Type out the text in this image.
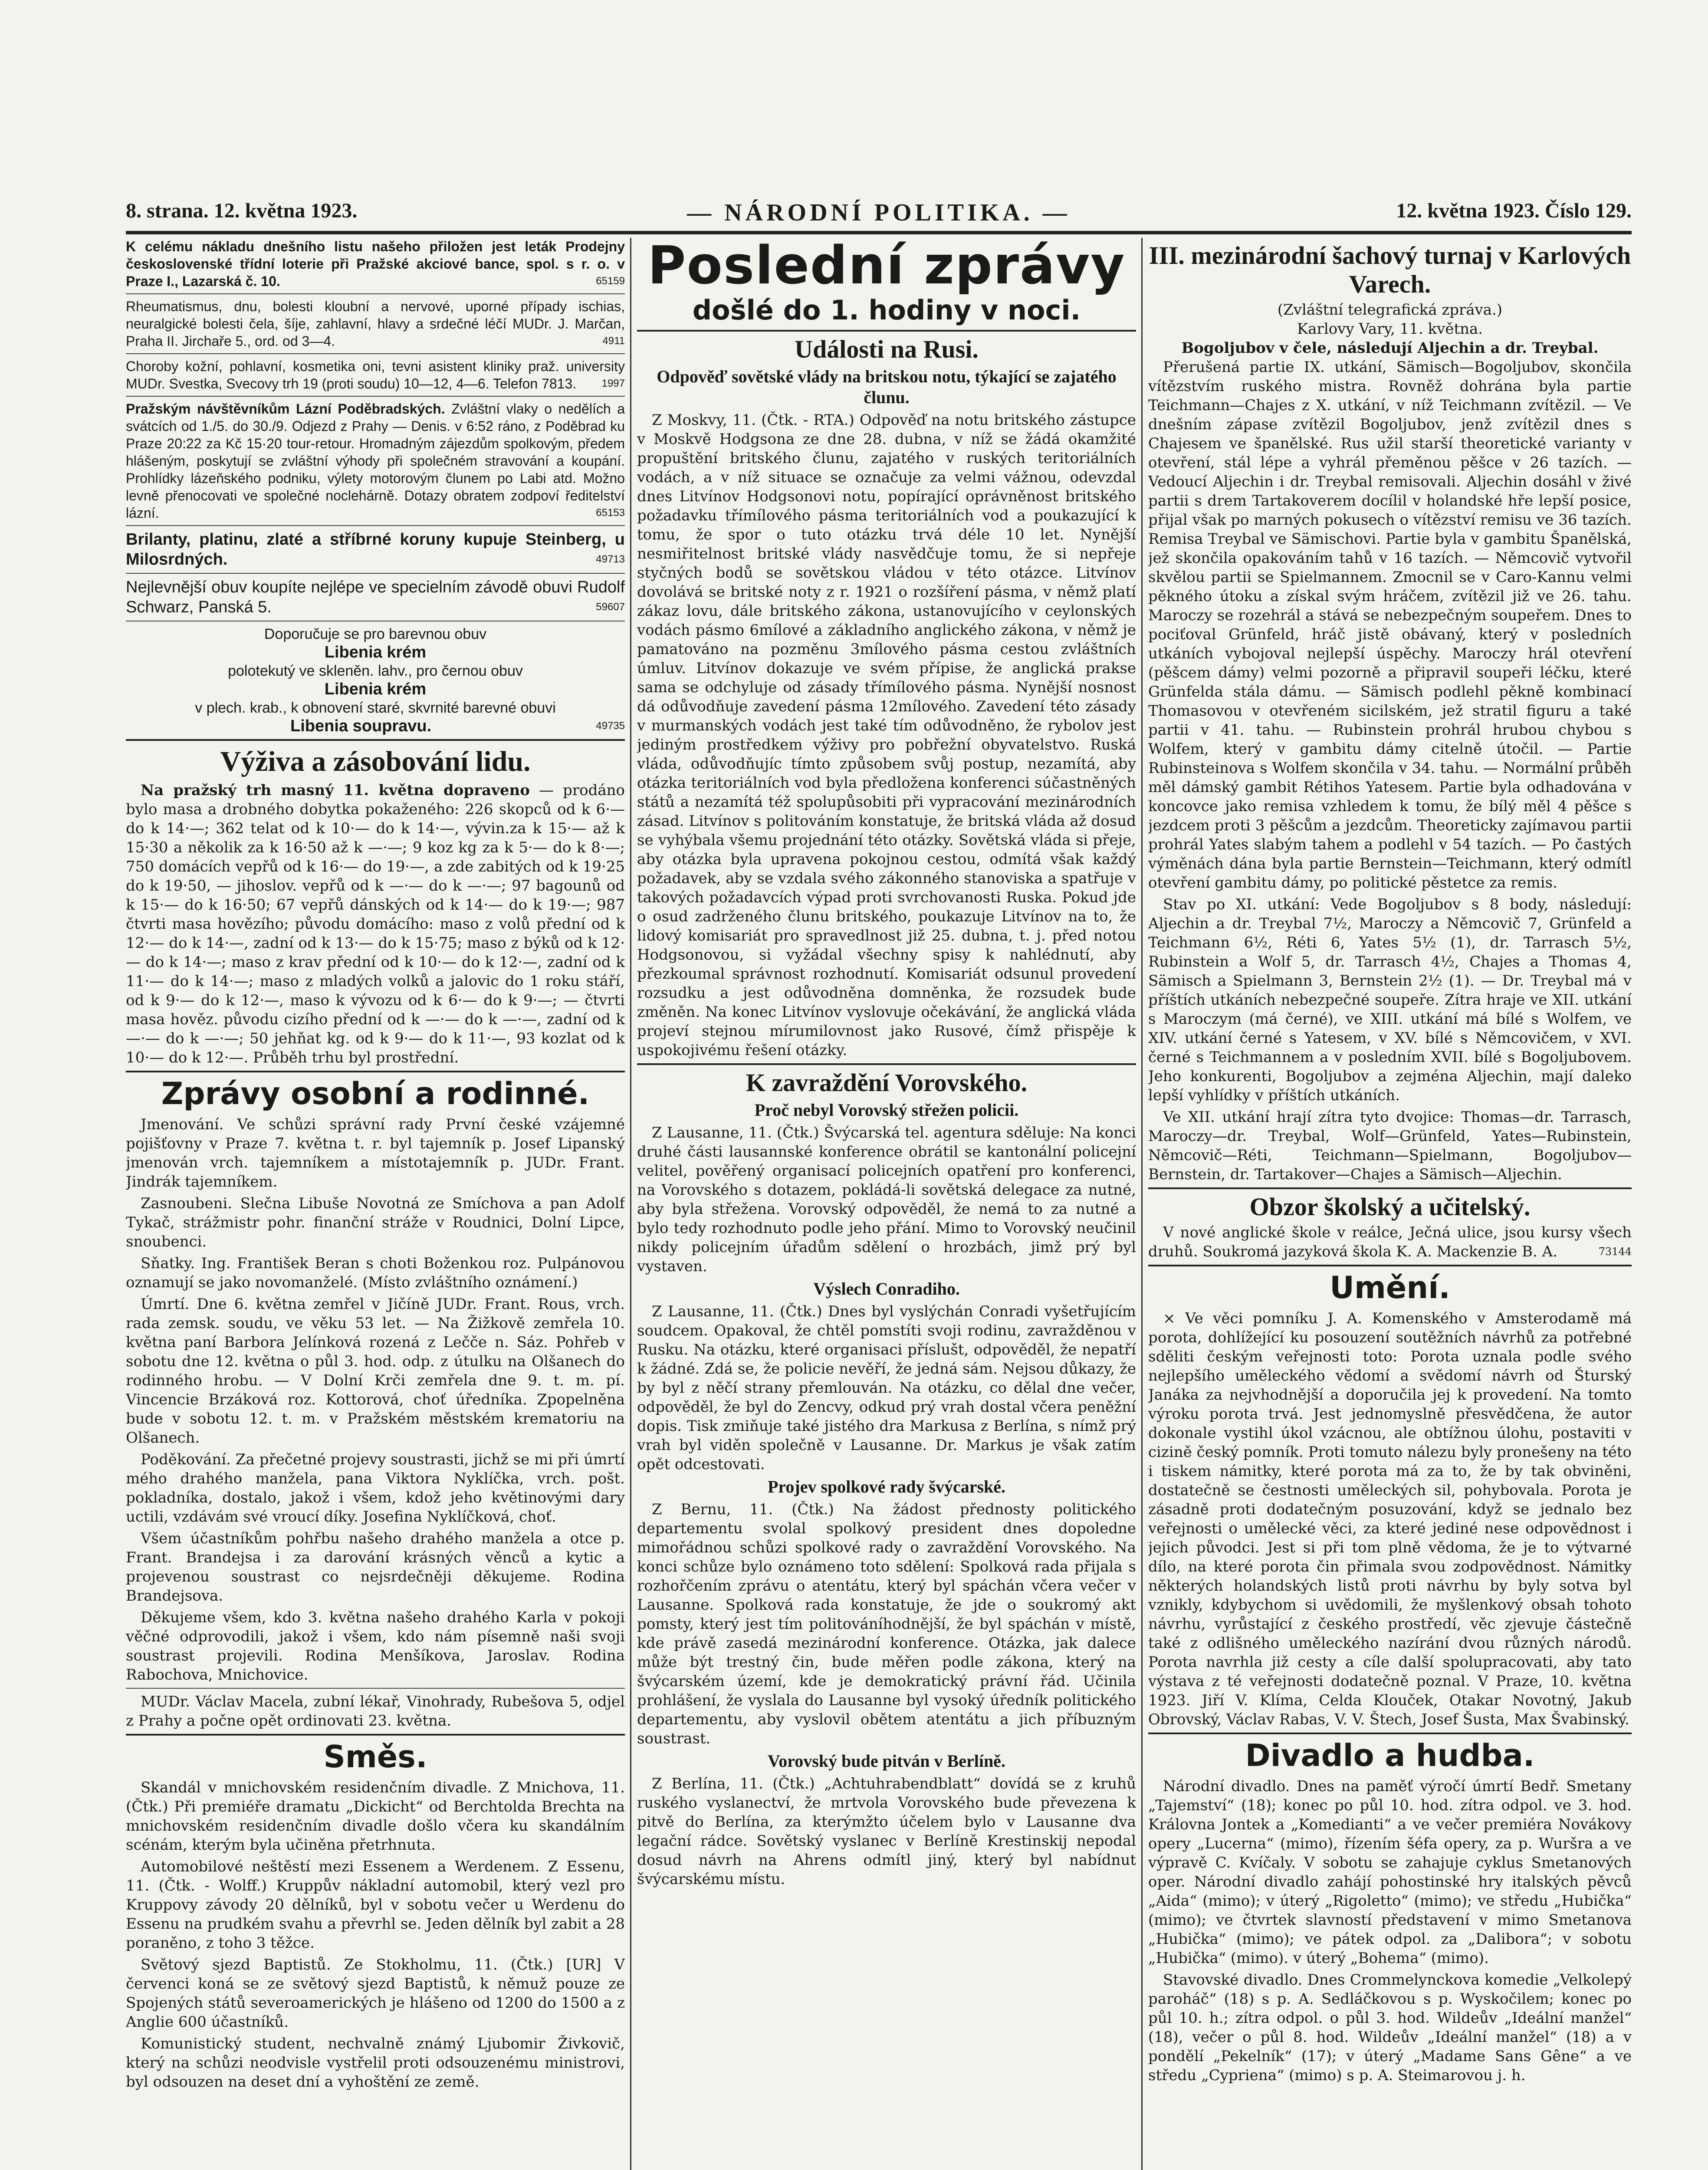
8. strana. 12. května 1923.	— NÁRODNÍ POLITIKA. —	12. května 1923. Číslo 129.
K celému nákladu dnešního listu našeho přiložen jest leták Prodejny československé třídní loterie při Pražské akciové bance, spol. s r. o. v Praze I., Lazarská č. 10.	65159
Rheumatismus, dnu, bolesti kloubní a nervové, uporné případy ischias, neuralgické bolesti čela, šíje, zahlavní, hlavy a srdečné léčí MUDr. J. Marčan, Praha II. Jirchaře 5., ord. od 3—4.	4911
Choroby kožní, pohlavní, kosmetika oni, tevni asistent kliniky praž. university MUDr. Svestka, Svecovy trh 19 (proti soudu) 10—12, 4—6. Telefon 7813. 1997
Pražským návštěvníkům Lázní Poděbradských. Zvláštní vlaky o nedělích a svátcích od 1./5. do 30./9. Odjezd z Prahy — Denis. v 6:52 ráno, z Poděbrad ku Praze 20:22 za Kč 15·20 tour-retour. Hromadným zájezdům spolkovým, předem hlášeným, poskytují se zvláštní výhody při společném stravování a koupání. Prohlídky lázeňského podniku, výlety motorovým člunem po Labi atd. Možno levně přenocovati ve společné noclehárně. Dotazy obratem zodpoví ředitelství lázní.	65153
Brilanty, platinu, zlaté a stříbrné koruny kupuje Steinberg, u Milosrdných.	49713
Nejlevnější obuv koupíte nejlépe ve specielním závodě obuvi Rudolf Schwarz, Panská 5.	59607
Doporučuje se pro barevnou obuv
Libenia krém
polotekutý ve skleněn. lahv., pro černou obuv
Libenia krém
v plech. krab., k obnovení staré, skvrnité barevné obuvi
Libenia soupravu.	49735
Výživa a zásobování lidu.

Na pražský trh masný 11. května dopraveno — prodáno bylo masa a drobného dobytka pokaženého: 226 skopců od k 6·— do k 14·—; 362 telat od k 10·— do k 14·—, vývin.za k 15·— až k 15·30 a několik za k 16·50 až k —·—; 9 koz kg za k 5·— do k 8·—; 750 domácích vepřů od k 16·— do 19·—, a zde zabitých od k 19·25 do k 19·50, — jihoslov. vepřů od k —·— do k —·—; 97 bagounů od k 15·— do k 16·50; 67 vepřů dánských od k 14·— do k 19·—; 987 čtvrti masa hovězího; původu domácího: maso z volů přední od k 12·— do k 14·—, zadní od k 13·— do k 15·75; maso z býků od k 12·— do k 14·—; maso z krav přední od k 10·— do k 12·—, zadní od k 11·— do k 14·—; maso z mladých volků a jalovic do 1 roku stáří, od k 9·— do k 12·—, maso k vývozu od k 6·— do k 9·—; — čtvrti masa hověz. původu cizího přední od k —·— do k —·—, zadní od k —·— do k —·—; 50 jehňat kg. od k 9·— do k 11·—, 93 kozlat od k 10·— do k 12·—. Průběh trhu byl prostřední.

Zprávy osobní a rodinné.

Jmenování. Ve schůzi správní rady První české vzájemné pojišťovny v Praze 7. května t. r. byl tajemník p. Josef Lipanský jmenován vrch. tajemníkem a místotajemník p. JUDr. Frant. Jindrák tajemníkem.

Zasnoubeni. Slečna Libuše Novotná ze Smíchova a pan Adolf Tykač, strážmistr pohr. finanční stráže v Roudnici, Dolní Lipce, snoubenci.

Sňatky. Ing. František Beran s choti Boženkou roz. Pulpánovou oznamují se jako novomanželé. (Místo zvláštního oznámení.)

Úmrtí. Dne 6. května zemřel v Jičíně JUDr. Frant. Rous, vrch. rada zemsk. soudu, ve věku 53 let. — Na Žižkově zemřela 10. května paní Barbora Jelínková rozená z Lečče n. Sáz. Pohřeb v sobotu dne 12. května o půl 3. hod. odp. z útulku na Olšanech do rodinného hrobu. — V Dolní Krči zemřela dne 9. t. m. pí. Vincencie Brzáková roz. Kottorová, choť úředníka. Zpopelněna bude v sobotu 12. t. m. v Pražském městském krematoriu na Olšanech.

Poděkování. Za přečetné projevy soustrasti, jichž se mi při úmrtí mého drahého manžela, pana Viktora Nyklíčka, vrch. pošt. pokladníka, dostalo, jakož i všem, kdož jeho květinovými dary uctili, vzdávám své vroucí díky. Josefina Nyklíčková, choť.

Všem účastníkům pohřbu našeho drahého manžela a otce p. Frant. Brandejsa i za darování krásných věnců a kytic a projevenou soustrast co nejsrdečněji děkujeme. Rodina Brandejsova.

Děkujeme všem, kdo 3. května našeho drahého Karla v pokoji věčné odprovodili, jakož i všem, kdo nám písemně naši svoji soustrast projevili. Rodina Menšíkova, Jaroslav. Rodina Rabochova, Mnichovice.

MUDr. Václav Macela, zubní lékař, Vinohrady, Rubešova 5, odjel z Prahy a počne opět ordinovati 23. května.

Směs.

Skandál v mnichovském residenčním divadle. Z Mnichova, 11. (Čtk.) Při premiéře dramatu „Dickicht“ od Berchtolda Brechta na mnichovském residenčním divadle došlo včera ku skandálním scénám, kterým byla učiněna přetrhnuta.

Automobilové neštěstí mezi Essenem a Werdenem. Z Essenu, 11. (Čtk. - Wolff.) Kruppův nákladní automobil, který vezl pro Kruppovy závody 20 dělníků, byl v sobotu večer u Werdenu do Essenu na prudkém svahu a převrhl se. Jeden dělník byl zabit a 28 poraněno, z toho 3 těžce.

Světový sjezd Baptistů. Ze Stokholmu, 11. (Čtk.) [UR] V červenci koná se ze světový sjezd Baptistů, k němuž pouze ze Spojených států severoamerických je hlášeno od 1200 do 1500 a z Anglie 600 účastníků.

Komunistický student, nechvalně známý Ljubomir Živkovič, který na schůzi neodvisle vystřelil proti odsouzenému ministrovi, byl odsouzen na deset dní a vyhoštění ze země.

Poslední zprávy
došlé do 1. hodiny v noci.
Události na Rusi.
Odpověď sovětské vlády na britskou notu, týkající se zajatého člunu.

Z Moskvy, 11. (Čtk. - RTA.) Odpověď na notu britského zástupce v Moskvě Hodgsona ze dne 28. dubna, v níž se žádá okamžité propuštění britského člunu, zajatého v ruských teritoriálních vodách, a v níž situace se označuje za velmi vážnou, odevzdal dnes Litvínov Hodgsonovi notu, popírající oprávněnost britského požadavku třímílového pásma teritoriálních vod a poukazující k tomu, že spor o tuto otázku trvá déle 10 let. Nynější nesmiřitelnost britské vlády nasvědčuje tomu, že si nepřeje styčných bodů se sovětskou vládou v této otázce. Litvínov dovolává se britské noty z r. 1921 o rozšíření pásma, v němž platí zákaz lovu, dále britského zákona, ustanovujícího v ceylonských vodách pásmo 6mílové a základního anglického zákona, v němž je pamatováno na pozměnu 3mílového pásma cestou zvláštních úmluv. Litvínov dokazuje ve svém přípise, že anglická prakse sama se odchyluje od zásady třímílového pásma. Nynější nosnost dá odůvodňuje zavedení pásma 12mílového. Zavedení této zásady v murmanských vodách jest také tím odůvodněno, že rybolov jest jediným prostředkem výživy pro pobřežní obyvatelstvo. Ruská vláda, odůvodňujíc tímto způsobem svůj postup, nezamítá, aby otázka teritoriálních vod byla předložena konferenci súčastněných států a nezamítá též spolupůsobiti při vypracování mezinárodních zásad. Litvínov s politováním konstatuje, že britská vláda až dosud se vyhýbala všemu projednání této otázky. Sovětská vláda si přeje, aby otázka byla upravena pokojnou cestou, odmítá však každý požadavek, aby se vzdala svého zákonného stanoviska a spatřuje v takových požadavcích výpad proti svrchovanosti Ruska. Pokud jde o osud zadrženého člunu britského, poukazuje Litvínov na to, že lidový komisariát pro spravedlnost již 25. dubna, t. j. před notou Hodgsonovou, si vyžádal všechny spisy k nahlédnutí, aby přezkoumal správnost rozhodnutí. Komisariát odsunul provedení rozsudku a jest odůvodněna domněnka, že rozsudek bude změněn. Na konec Litvínov vyslovuje očekávání, že anglická vláda projeví stejnou mírumilovnost jako Rusové, čímž přispěje k uspokojivému řešení otázky.

K zavraždění Vorovského.
Proč nebyl Vorovský střežen policii.

Z Lausanne, 11. (Čtk.) Švýcarská tel. agentura sděluje: Na konci druhé části lausannské konference obrátil se kantonální policejní velitel, pověřený organisací policejních opatření pro konferenci, na Vorovského s dotazem, pokládá-li sovětská delegace za nutné, aby byla střežena. Vorovský odpověděl, že nemá to za nutné a bylo tedy rozhodnuto podle jeho přání. Mimo to Vorovský neučinil nikdy policejním úřadům sdělení o hrozbách, jimž prý byl vystaven.

Výslech Conradiho.

Z Lausanne, 11. (Čtk.) Dnes byl vyslýchán Conradi vyšetřujícím soudcem. Opakoval, že chtěl pomstíti svoji rodinu, zavražděnou v Rusku. Na otázku, které organisaci příslušt, odpověděl, že nepatří k žádné. Zdá se, že policie nevěří, že jedná sám. Nejsou důkazy, že by byl z něčí strany přemlouván. Na otázku, co dělal dne večer, odpověděl, že byl do Zencvy, odkud prý vrah dostal včera peněžní dopis. Tisk zmiňuje také jistého dra Markusa z Berlína, s nímž prý vrah byl viděn společně v Lausanne. Dr. Markus je však zatím opět odcestovati.

Projev spolkové rady švýcarské.

Z Bernu, 11. (Čtk.) Na žádost přednosty politického departementu svolal spolkový president dnes dopoledne mimořádnou schůzi spolkové rady o zavraždění Vorovského. Na konci schůze bylo oznámeno toto sdělení: Spolková rada přijala s rozhořčením zprávu o atentátu, který byl spáchán včera večer v Lausanne. Spolková rada konstatuje, že jde o soukromý akt pomsty, který jest tím politováníhodnější, že byl spáchán v místě, kde právě zasedá mezinárodní konference. Otázka, jak dalece může být trestný čin, bude měřen podle zákona, který na švýcarském území, kde je demokratický právní řád. Učinila prohlášení, že vyslala do Lausanne byl vysoký úředník politického departementu, aby vyslovil obětem atentátu a jich příbuzným soustrast.

Vorovský bude pitván v Berlíně.

Z Berlína, 11. (Čtk.) „Achtuhrabendblatt“ dovídá se z kruhů ruského vyslanectví, že mrtvola Vorovského bude převezena k pitvě do Berlína, za kterýmžto účelem bylo v Lausanne dva legační rádce. Sovětský vyslanec v Berlíně Krestinskij nepodal dosud návrh na Ahrens odmítl jiný, který byl nabídnut švýcarskému místu.

III. mezinárodní šachový turnaj v Karlových Varech.
(Zvláštní telegrafická zpráva.)
Karlovy Vary, 11. května.
Bogoljubov v čele, následují Aljechin a dr. Treybal.

Přerušená partie IX. utkání, Sämisch—Bogoljubov, skončila vítězstvím ruského mistra. Rovněž dohrána byla partie Teichmann—Chajes z X. utkání, v níž Teichmann zvítězil. — Ve dnešním zápase zvítězil Bogoljubov, jenž zvítězil dnes s Chajesem ve španělské. Rus užil starší theoretické varianty v otevření, stál lépe a vyhrál přeměnou pěšce v 26 tazích. — Vedoucí Aljechin i dr. Treybal remisovali. Aljechin dosáhl v živé partii s drem Tartakoverem docílil v holandské hře lepší posice, přijal však po marných pokusech o vítězství remisu ve 36 tazích. Remisa Treybal ve Sämischovi. Partie byla v gambitu Španělská, jež skončila opakováním tahů v 16 tazích. — Němcovič vytvořil skvělou partii se Spielmannem. Zmocnil se v Caro-Kannu velmi pěkného útoku a získal svým hráčem, zvítězil již ve 26. tahu. Maroczy se rozehrál a stává se nebezpečným soupeřem. Dnes to pociťoval Grünfeld, hráč jistě obávaný, který v posledních utkáních vybojoval nejlepší úspěchy. Maroczy hrál otevření (pěšcem dámy) velmi pozorně a připravil soupeři léčku, které Grünfelda stála dámu. — Sämisch podlehl pěkně kombinací Thomasovou v otevřeném sicilském, jež stratil figuru a také partii v 41. tahu. — Rubinstein prohrál hrubou chybou s Wolfem, který v gambitu dámy citelně útočil. — Partie Rubinsteinova s Wolfem skončila v 34. tahu. — Normální průběh měl dámský gambit Rétihos Yatesem. Partie byla odhadována v koncovce jako remisa vzhledem k tomu, že bílý měl 4 pěšce s jezdcem proti 3 pěšcům a jezdcům. Theoreticky zajímavou partii prohrál Yates slabým tahem a podlehl v 54 tazích. — Po častých výměnách dána byla partie Bernstein—Teichmann, který odmítl otevření gambitu dámy, po politické pěstetce za remis.

Stav po XI. utkání: Vede Bogoljubov s 8 body, následují: Aljechin a dr. Treybal 7½, Maroczy a Němcovič 7, Grünfeld a Teichmann 6½, Réti 6, Yates 5½ (1), dr. Tarrasch 5½, Rubinstein a Wolf 5, dr. Tarrasch 4½, Chajes a Thomas 4, Sämisch a Spielmann 3, Bernstein 2½ (1). — Dr. Treybal má v příštích utkáních nebezpečné soupeře. Zítra hraje ve XII. utkání s Maroczym (má černé), ve XIII. utkání má bílé s Wolfem, ve XIV. utkání černé s Yatesem, v XV. bílé s Němcovičem, v XVI. černé s Teichmannem a v posledním XVII. bílé s Bogoljubovem. Jeho konkurenti, Bogoljubov a zejména Aljechin, mají daleko lepší vyhlídky v příštích utkáních.

Ve XII. utkání hrají zítra tyto dvojice: Thomas—dr. Tarrasch, Maroczy—dr. Treybal, Wolf—Grünfeld, Yates—Rubinstein, Němcovič—Réti, Teichmann—Spielmann, Bogoljubov—Bernstein, dr. Tartakover—Chajes a Sämisch—Aljechin.

Obzor školský a učitelský.

V nové anglické škole v reálce, Ječná ulice, jsou kursy všech druhů. Soukromá jazyková škola K. A. Mackenzie B. A.	73144

Umění.

× Ve věci pomníku J. A. Komenského v Amsterodamě má porota, dohlížející ku posouzení soutěžních návrhů za potřebné sděliti českým veřejnosti toto: Porota uznala podle svého nejlepšího uměleckého vědomí a svědomí návrh od Šturský Janáka za nejvhodnější a doporučila jej k provedení. Na tomto výroku porota trvá. Jest jednomyslně přesvědčena, že autor dokonale vystihl úkol vzácnou, ale obtížnou úlohu, postaviti v cizině český pomník. Proti tomuto nálezu byly pronešeny na této i tiskem námitky, které porota má za to, že by tak obviněni, dostatečně se čestnosti uměleckých sil, pohybovala. Porota je zásadně proti dodatečným posuzování, když se jednalo bez veřejnosti o umělecké věci, za které jediné nese odpovědnost i jejich původci. Jest si při tom plně vědoma, že je to výtvarné dílo, na které porota čin přimala svou zodpovědnost. Námitky některých holandských listů proti návrhu by byly sotva byl vznikly, kdybychom si uvědomili, že myšlenkový obsah tohoto návrhu, vyrůstající z českého prostředí, věc zjevuje částečně také z odlišného uměleckého nazírání dvou různých národů. Porota navrhla již cesty a cíle další spolupracovati, aby tato výstava z té veřejnosti dodatečně poznal. V Praze, 10. května 1923. Jiří V. Klíma, Celda Klouček, Otakar Novotný, Jakub Obrovský, Václav Rabas, V. V. Štech, Josef Šusta, Max Švabinský.

Divadlo a hudba.

Národní divadlo. Dnes na paměť výročí úmrtí Bedř. Smetany „Tajemství“ (18); konec po půl 10. hod. zítra odpol. ve 3. hod. Královna Jontek a „Komedianti“ a ve večer premiéra Novákovy opery „Lucerna“ (mimo), řízením šéfa opery, za p. Wuršra a ve výpravě C. Kvíčaly. V sobotu se zahajuje cyklus Smetanových oper. Národní divadlo zahájí pohostinské hry italských pěvců „Aida“ (mimo); v úterý „Rigoletto“ (mimo); ve středu „Hubička“ (mimo); ve čtvrtek slavností představení v mimo Smetanova „Hubička“ (mimo); ve pátek odpol. za „Dalibora“; v sobotu „Hubička“ (mimo). v úterý „Bohema“ (mimo).

Stavovské divadlo. Dnes Crommelynckova komedie „Velkolepý paroháč“ (18) s p. A. Sedláčkovou s p. Wyskočilem; konec po půl 10. h.; zítra odpol. o půl 3. hod. Wildeův „Ideální manžel“ (18), večer o půl 8. hod. Wildeův „Ideální manžel“ (18) a v pondělí „Pekelník“ (17); v úterý „Madame Sans Gêne“ a ve středu „Cypriena“ (mimo) s p. A. Steimarovou j. h.
